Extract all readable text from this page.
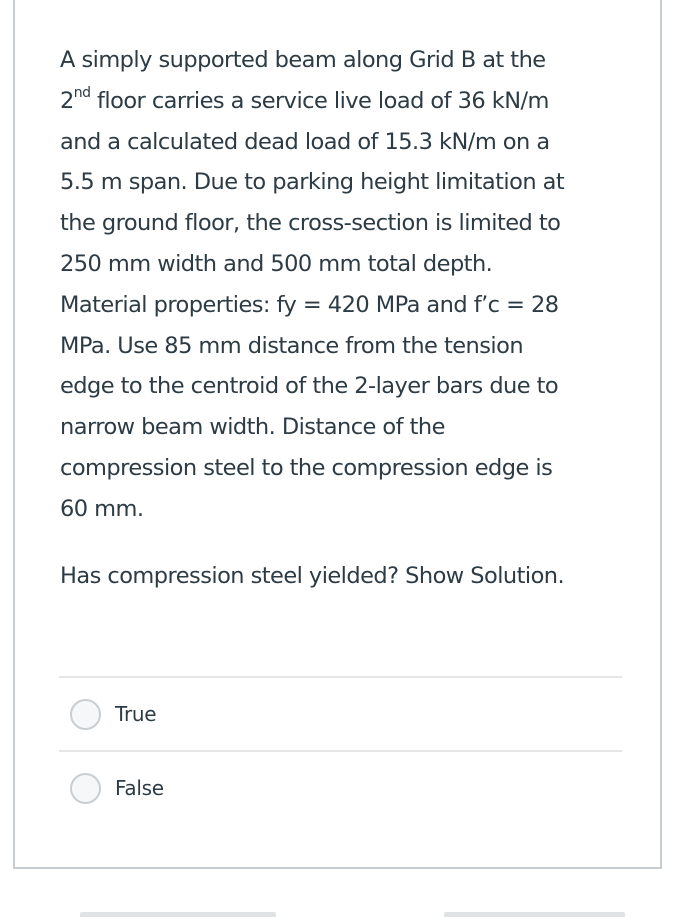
A simply supported beam along Grid B at the

2nd floor carries a service live load of 36 kN/m

and a calculated dead load of 15.3 kN/m on a

5.5 m span. Due to parking height limitation at

the ground floor, the cross-section is limited to

250 mm width and 500 mm total depth.

Material properties: fy = 420 MPa and f’c = 28

MPa. Use 85 mm distance from the tension

edge to the centroid of the 2-layer bars due to

narrow beam width. Distance of the

compression steel to the compression edge is

60 mm.

Has compression steel yielded? Show Solution.

True
False
